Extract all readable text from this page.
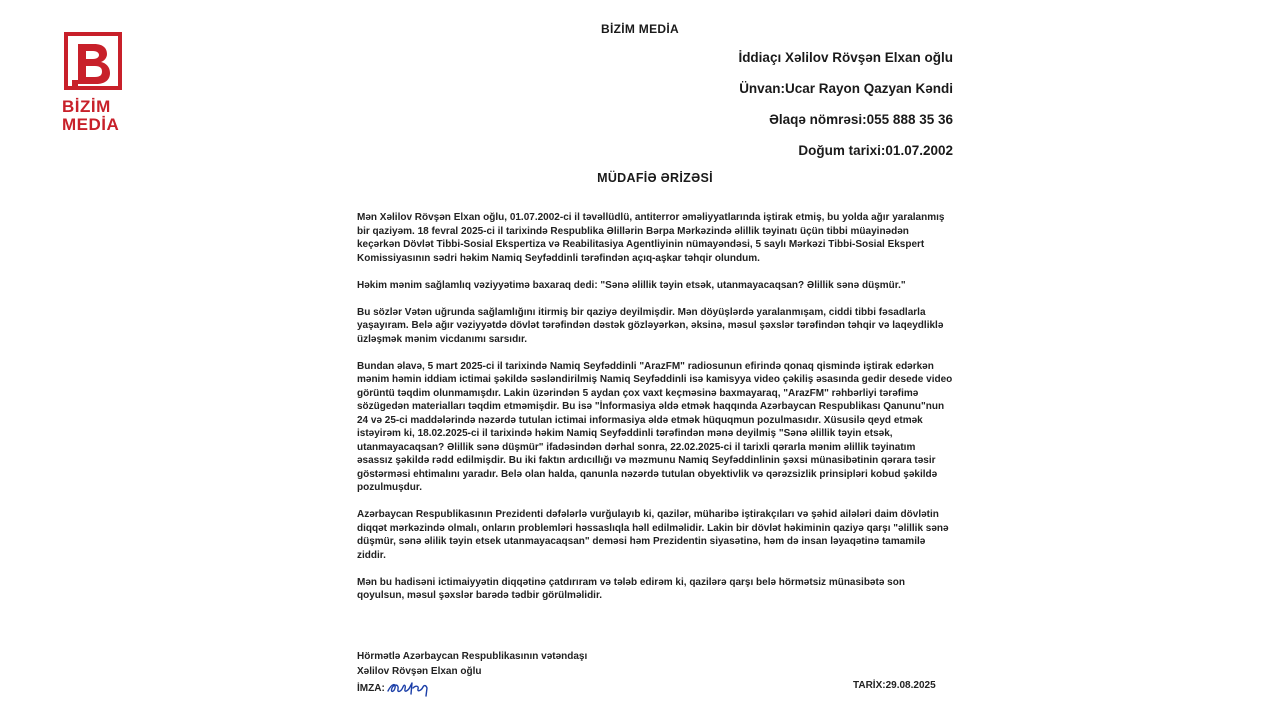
BİZİM
MEDİA
BİZİM MEDİA
İddiaçı Xəlilov Rövşən Elxan oğlu
Ünvan:Ucar Rayon Qazyan Kəndi
Əlaqə nömrəsi:055 888 35 36
Doğum tarixi:01.07.2002
MÜDAFİƏ ƏRİZƏSİ

Mən Xəlilov Rövşən Elxan oğlu, 01.07.2002-ci il təvəllüdlü, antiterror əməliyyatlarında iştirak etmiş, bu yolda ağır yaralanmış bir qaziyəm. 18 fevral 2025-ci il tarixində Respublika Əlillərin Bərpa Mərkəzində əlillik təyinatı üçün tibbi müayinədən keçərkən Dövlət Tibbi-Sosial Ekspertiza və Reabilitasiya Agentliyinin nümayəndəsi, 5 saylı Mərkəzi Tibbi-Sosial Ekspert Komissiyasının sədri həkim Namiq Seyfəddinli tərəfindən açıq-aşkar təhqir olundum.

Həkim mənim sağlamlıq vəziyyətimə baxaraq dedi: "Sənə əlillik təyin etsək, utanmayacaqsan? Əlillik sənə düşmür."

Bu sözlər Vətən uğrunda sağlamlığını itirmiş bir qaziyə deyilmişdir. Mən döyüşlərdə yaralanmışam, ciddi tibbi fəsadlarla yaşayıram. Belə ağır vəziyyətdə dövlət tərəfindən dəstək gözləyərkən, əksinə, məsul şəxslər tərəfindən təhqir və laqeydliklə üzləşmək mənim vicdanımı sarsıdır.

Bundan əlavə, 5 mart 2025-ci il tarixində Namiq Seyfəddinli "ArazFM" radiosunun efirində qonaq qismində iştirak edərkən mənim həmin iddiam ictimai şəkildə səsləndirilmiş Namiq Seyfəddinli isə kamisyya video çəkiliş əsasında gedir desede video görüntü təqdim olunmamışdır. Lakin üzərindən 5 aydan çox vaxt keçməsinə baxmayaraq, "ArazFM" rəhbərliyi tərəfimə sözügedən materialları təqdim etməmişdir. Bu isə "İnformasiya əldə etmək haqqında Azərbaycan Respublikası Qanunu"nun 24 və 25-ci maddələrində nəzərdə tutulan ictimai informasiya əldə etmək hüquqmun pozulmasıdır. Xüsusilə qeyd etmək istəyirəm ki, 18.02.2025-ci il tarixində həkim Namiq Seyfəddinli tərəfindən mənə deyilmiş "Sənə əlillik təyin etsək, utanmayacaqsan? Əlillik sənə düşmür" ifadəsindən dərhal sonra, 22.02.2025-ci il tarixli qərarla mənim əlillik təyinatım əsassız şəkildə rədd edilmişdir. Bu iki faktın ardıcıllığı və məzmunu Namiq Seyfəddinlinin şəxsi münasibətinin qərara təsir göstərməsi ehtimalını yaradır. Belə olan halda, qanunla nəzərdə tutulan obyektivlik və qərəzsizlik prinsipləri kobud şəkildə pozulmuşdur.

Azərbaycan Respublikasının Prezidenti dəfələrlə vurğulayıb ki, qazilər, müharibə iştirakçıları və şəhid ailələri daim dövlətin diqqət mərkəzində olmalı, onların problemləri həssaslıqla həll edilməlidir. Lakin bir dövlət həkiminin qaziyə qarşı "əlillik sənə düşmür, sənə əlilik təyin etsek utanmayacaqsan" deməsi həm Prezidentin siyasətinə, həm də insan ləyaqətinə tamamilə ziddir.

Mən bu hadisəni ictimaiyyətin diqqətinə çatdırıram və tələb edirəm ki, qazilərə qarşı belə hörmətsiz münasibətə son qoyulsun, məsul şəxslər barədə tədbir görülməlidir.

Hörmətlə Azərbaycan Respublikasının vətəndaşı
Xəlilov Rövşən Elxan oğlu
İMZA:	TARİX:29.08.2025
